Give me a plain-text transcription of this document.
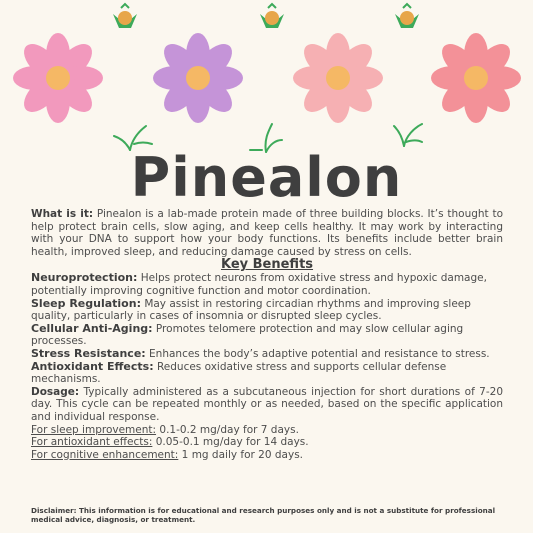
Pinealon

What is it: Pinealon is a lab-made protein made of three building blocks. It’s thought to help protect brain cells, slow aging, and keep cells healthy. It may work by interacting with your DNA to support how your body functions. Its benefits include better brain health, improved sleep, and reducing damage caused by stress on cells.

Key Benefits

Neuroprotection: Helps protect neurons from oxidative stress and hypoxic damage, potentially improving cognitive function and motor coordination.

Sleep Regulation: May assist in restoring circadian rhythms and improving sleep quality, particularly in cases of insomnia or disrupted sleep cycles.

Cellular Anti-Aging: Promotes telomere protection and may slow cellular aging processes.

Stress Resistance: Enhances the body’s adaptive potential and resistance to stress.

Antioxidant Effects: Reduces oxidative stress and supports cellular defense mechanisms.

Dosage: Typically administered as a subcutaneous injection for short durations of 7-20 day. This cycle can be repeated monthly or as needed, based on the specific application and individual response.

For sleep improvement: 0.1-0.2 mg/day for 7 days.

For antioxidant effects: 0.05-0.1 mg/day for 14 days.

For cognitive enhancement: 1 mg daily for 20 days.

Disclaimer: This information is for educational and research purposes only and is not a substitute for professional medical advice, diagnosis, or treatment.
